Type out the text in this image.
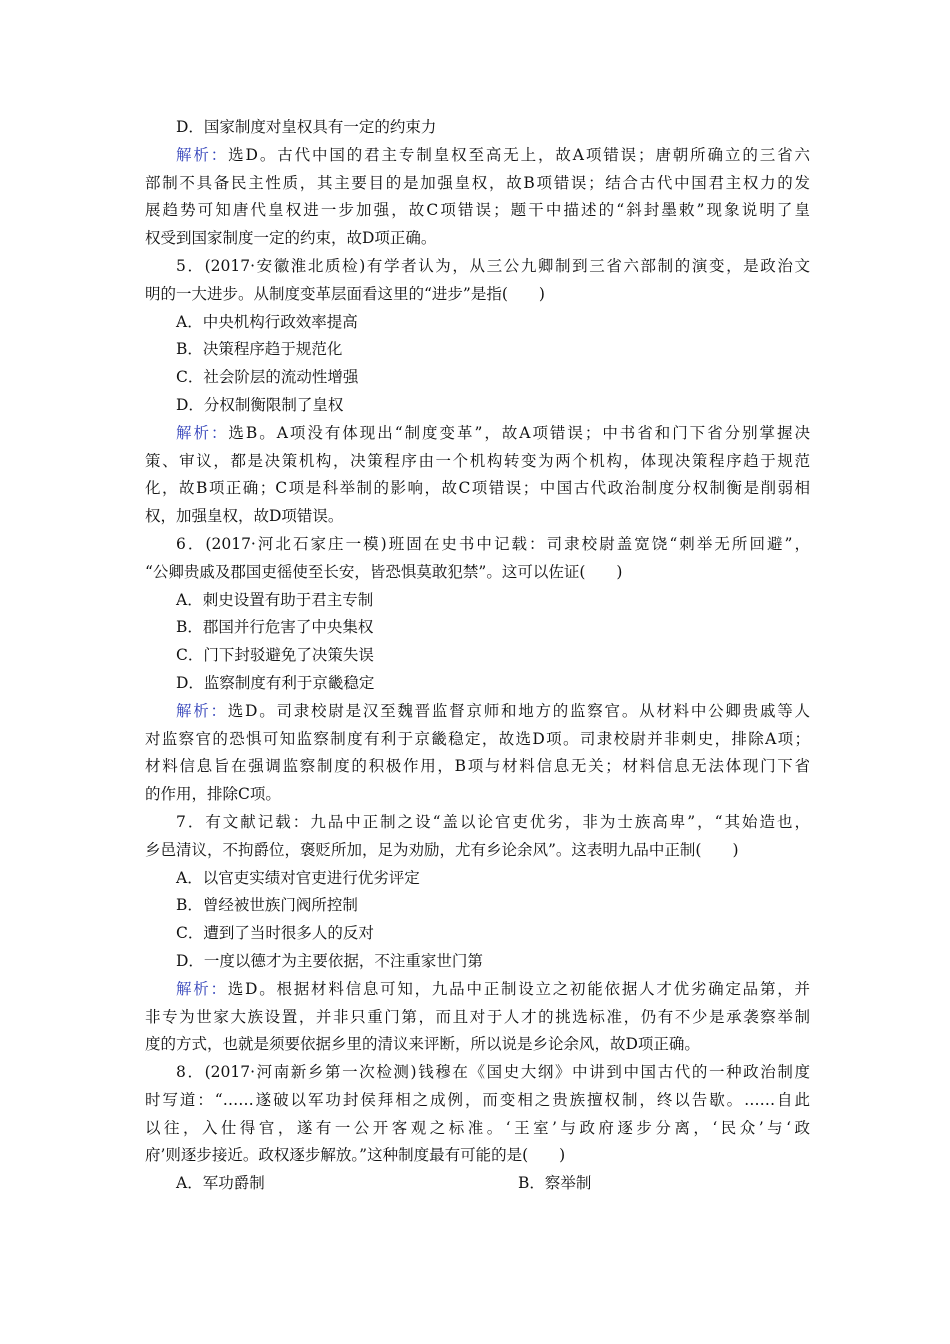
D．国家制度对皇权具有一定的约束力
解析：选D。古代中国的君主专制皇权至高无上，故A项错误；唐朝所确立的三省六
部制不具备民主性质，其主要目的是加强皇权，故B项错误；结合古代中国君主权力的发
展趋势可知唐代皇权进一步加强，故C项错误；题干中描述的“斜封墨敕”现象说明了皇
权受到国家制度一定的约束，故D项正确。
5．(2017·安徽淮北质检)有学者认为，从三公九卿制到三省六部制的演变，是政治文
明的一大进步。从制度变革层面看这里的“进步”是指(　　)
A．中央机构行政效率提高
B．决策程序趋于规范化
C．社会阶层的流动性增强
D．分权制衡限制了皇权
解析：选B。A项没有体现出“制度变革”，故A项错误；中书省和门下省分别掌握决
策、审议，都是决策机构，决策程序由一个机构转变为两个机构，体现决策程序趋于规范
化，故B项正确；C项是科举制的影响，故C项错误；中国古代政治制度分权制衡是削弱相
权，加强皇权，故D项错误。
6．(2017·河北石家庄一模)班固在史书中记载：司隶校尉盖宽饶“刺举无所回避”，
“公卿贵戚及郡国吏徭使至长安，皆恐惧莫敢犯禁”。这可以佐证(　　)
A．刺史设置有助于君主专制
B．郡国并行危害了中央集权
C．门下封驳避免了决策失误
D．监察制度有利于京畿稳定
解析：选D。司隶校尉是汉至魏晋监督京师和地方的监察官。从材料中公卿贵戚等人
对监察官的恐惧可知监察制度有利于京畿稳定，故选D项。司隶校尉并非刺史，排除A项；
材料信息旨在强调监察制度的积极作用，B项与材料信息无关；材料信息无法体现门下省
的作用，排除C项。
7．有文献记载：九品中正制之设“盖以论官吏优劣，非为士族高卑”，“其始造也，
乡邑清议，不拘爵位，褒贬所加，足为劝励，尤有乡论余风”。这表明九品中正制(　　)
A．以官吏实绩对官吏进行优劣评定
B．曾经被世族门阀所控制
C．遭到了当时很多人的反对
D．一度以德才为主要依据，不注重家世门第
解析：选D。根据材料信息可知，九品中正制设立之初能依据人才优劣确定品第，并
非专为世家大族设置，并非只重门第，而且对于人才的挑选标准，仍有不少是承袭察举制
度的方式，也就是须要依据乡里的清议来评断，所以说是乡论余风，故D项正确。
8．(2017·河南新乡第一次检测)钱穆在《国史大纲》中讲到中国古代的一种政治制度
时写道：“……遂破以军功封侯拜相之成例，而变相之贵族擅权制，终以告歇。……自此
以往，入仕得官，遂有一公开客观之标准。‘王室’与政府逐步分离，‘民众’与‘政
府’则逐步接近。政权逐步解放。”这种制度最有可能的是(　　)
A．军功爵制	B．察举制
